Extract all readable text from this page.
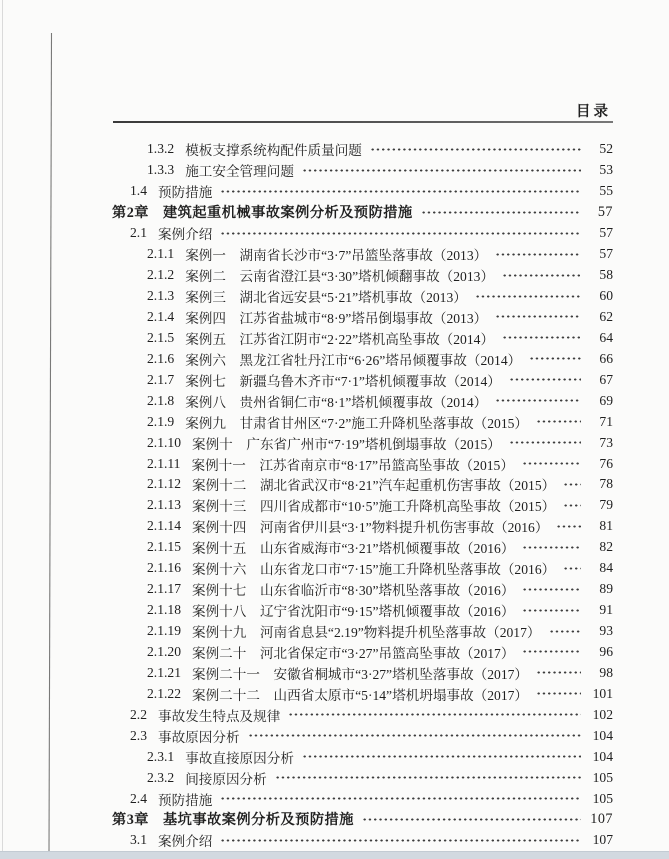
目录
1.3.2 模板支撑系统构配件质量问题	52
1.3.3 施工安全管理问题	53
1.4 预防措施	55
第2章 建筑起重机械事故案例分析及预防措施	57
2.1 案例介绍	57
2.1.1 案例一　湖南省长沙市“3·7”吊篮坠落事故（2013）	57
2.1.2 案例二　云南省澄江县“3·30”塔机倾翻事故（2013）	58
2.1.3 案例三　湖北省远安县“5·21”塔机事故（2013）	60
2.1.4 案例四　江苏省盐城市“8·9”塔吊倒塌事故（2013）	62
2.1.5 案例五　江苏省江阴市“2·22”塔机高坠事故（2014）	64
2.1.6 案例六　黑龙江省牡丹江市“6·26”塔吊倾覆事故（2014）	66
2.1.7 案例七　新疆乌鲁木齐市“7·1”塔机倾覆事故（2014）	67
2.1.8 案例八　贵州省铜仁市“8·1”塔机倾覆事故（2014）	69
2.1.9 案例九　甘肃省甘州区“7·2”施工升降机坠落事故（2015）	71
2.1.10 案例十　广东省广州市“7·19”塔机倒塌事故（2015）	73
2.1.11 案例十一　江苏省南京市“8·17”吊篮高坠事故（2015）	76
2.1.12 案例十二　湖北省武汉市“8·21”汽车起重机伤害事故（2015）	78
2.1.13 案例十三　四川省成都市“10·5”施工升降机高坠事故（2015）	79
2.1.14 案例十四　河南省伊川县“3·1”物料提升机伤害事故（2016）	81
2.1.15 案例十五　山东省威海市“3·21”塔机倾覆事故（2016）	82
2.1.16 案例十六　山东省龙口市“7·15”施工升降机坠落事故（2016）	84
2.1.17 案例十七　山东省临沂市“8·30”塔机坠落事故（2016）	89
2.1.18 案例十八　辽宁省沈阳市“9·15”塔机倾覆事故（2016）	91
2.1.19 案例十九　河南省息县“2.19”物料提升机坠落事故（2017）	93
2.1.20 案例二十　河北省保定市“3·27”吊篮高坠事故（2017）	96
2.1.21 案例二十一　安徽省桐城市“3·27”塔机坠落事故（2017）	98
2.1.22 案例二十二　山西省太原市“5·14”塔机坍塌事故（2017）	101
2.2 事故发生特点及规律	102
2.3 事故原因分析	104
2.3.1 事故直接原因分析	104
2.3.2 间接原因分析	105
2.4 预防措施	105
第3章 基坑事故案例分析及预防措施	107
3.1 案例介绍	107
